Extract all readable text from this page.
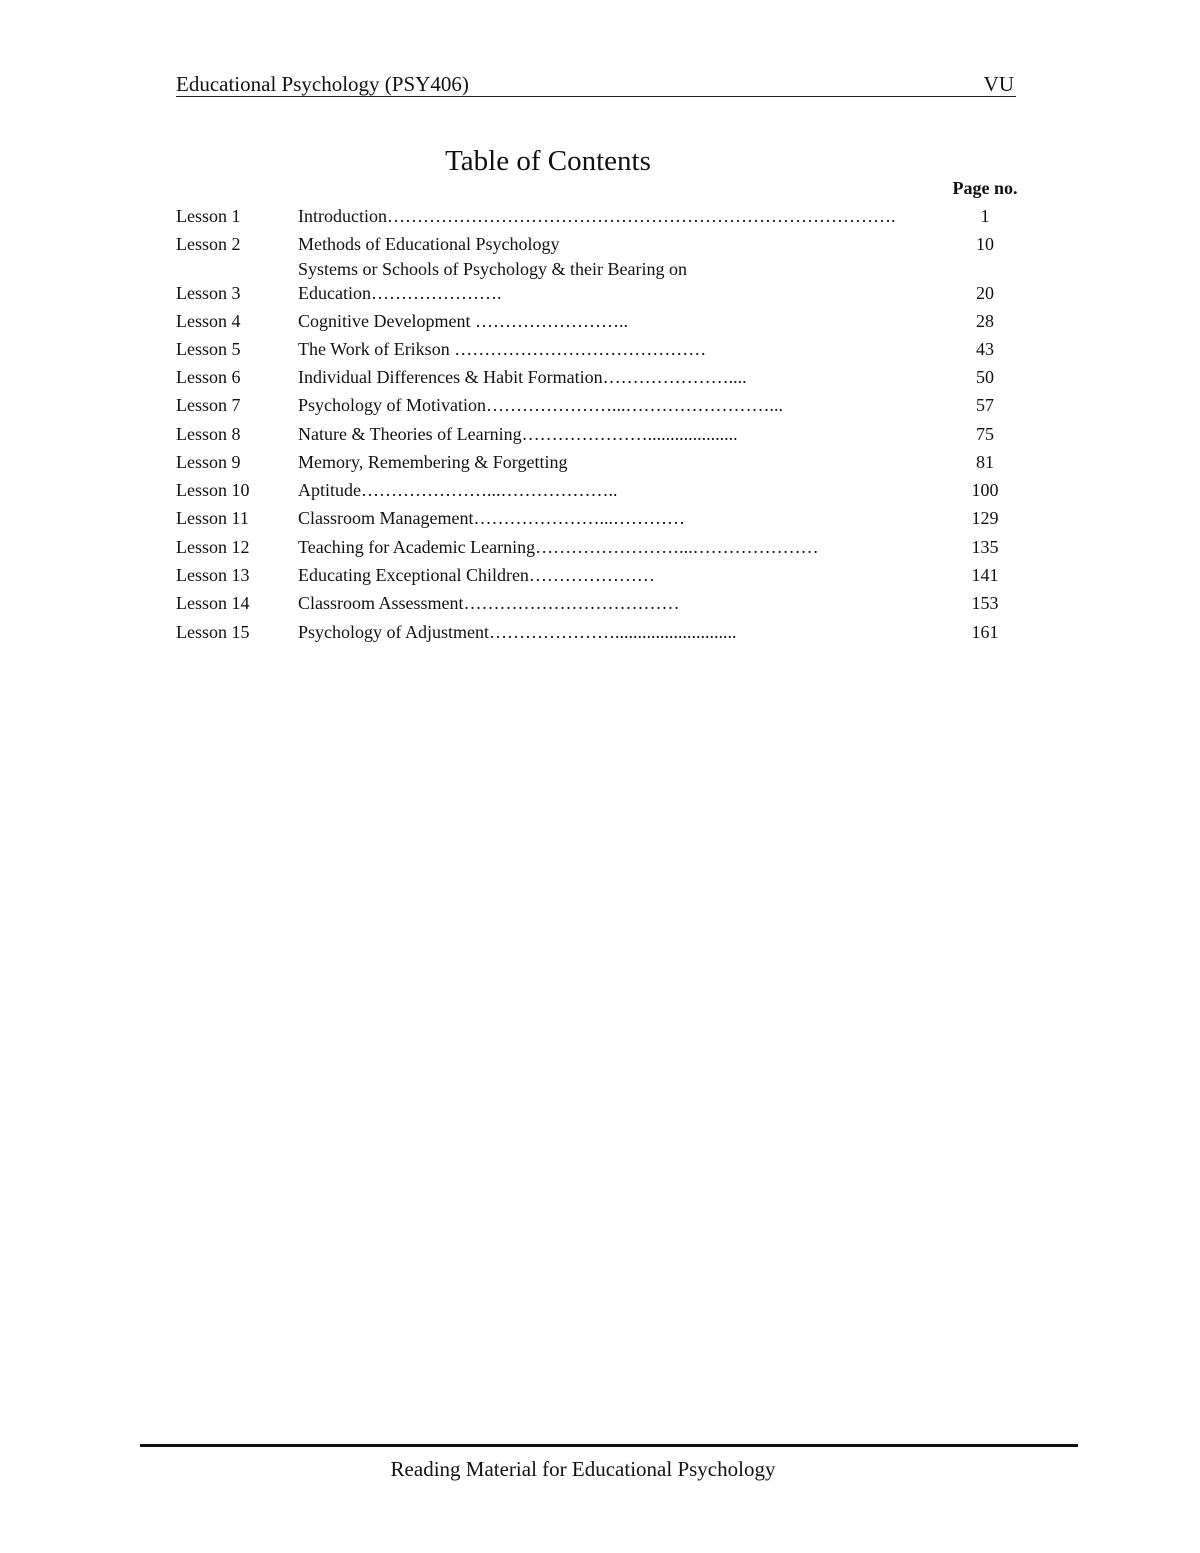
Educational Psychology (PSY406)	VU
Table of Contents
Page no.
Lesson 1	Introduction………………………………………………………………………….	1
Lesson 2	Methods of Educational Psychology	10
Systems or Schools of Psychology & their Bearing on
Lesson 3	Education………………….	20
Lesson 4	Cognitive Development ……………………..	28
Lesson 5	The Work of Erikson ……………………………………	43
Lesson 6	Individual Differences & Habit Formation…………………....	50
Lesson 7	Psychology of Motivation…………………...……………………...	57
Lesson 8	Nature & Theories of Learning…………………....................	75
Lesson 9	Memory, Remembering & Forgetting	81
Lesson 10	Aptitude…………………...………………..	100
Lesson 11	Classroom Management…………………...…………	129
Lesson 12	Teaching for Academic Learning……………………...…………………	135
Lesson 13	Educating Exceptional Children…………………	141
Lesson 14	Classroom Assessment………………………………	153
Lesson 15	Psychology of Adjustment…………………...........................	161
Reading Material for Educational Psychology
